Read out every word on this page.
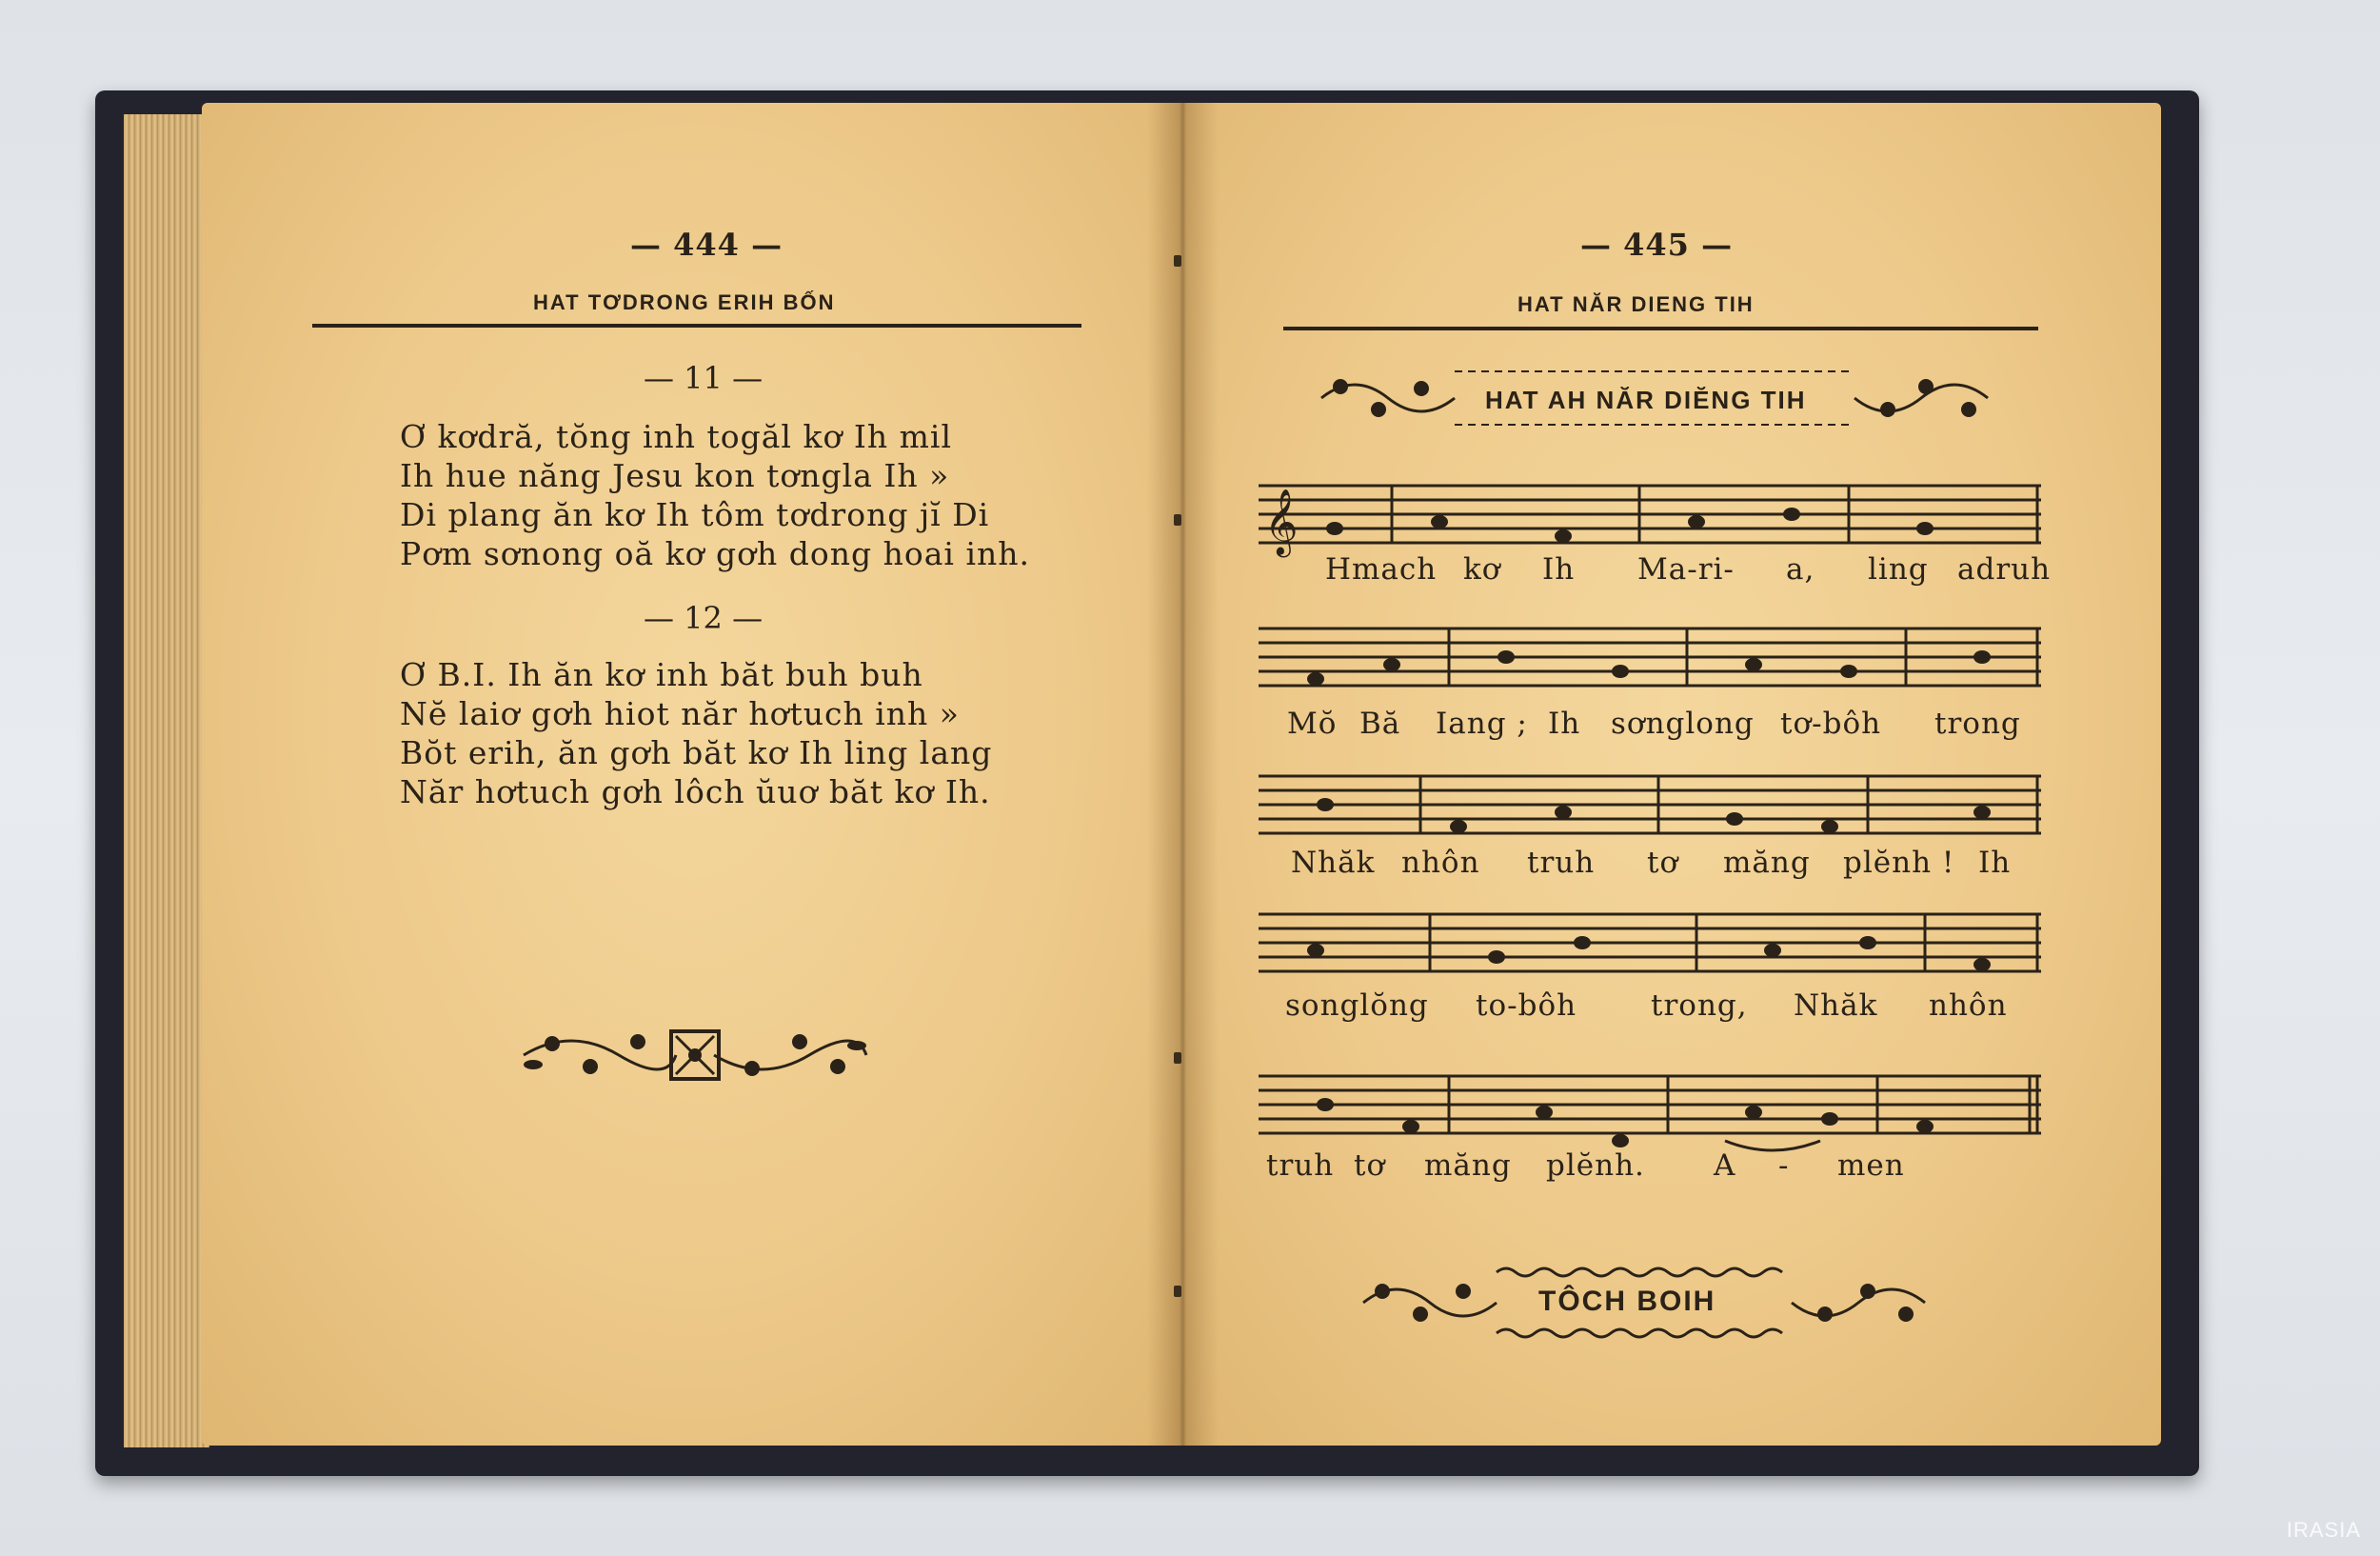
— 444 —
HAT TƠDRONG ERIH BỐN
— 11 —
Ơ kơdră, tŏng inh togăl kơ Ih mil
Ih hue năng Jesu kon tơngla Ih »
Di plang ăn kơ Ih tôm tơdrong jĭ Di
Pơm sơnong oă kơ gơh dong hoai inh.
— 12 —
Ơ B.I. Ih ăn kơ inh băt buh buh
Nĕ laiơ gơh hiot năr hơtuch inh »
Bŏt erih, ăn gơh băt kơ Ih ling lang
Năr hơtuch gơh lôch ŭuơ băt kơ Ih.
— 445 —
HAT NĂR DIENG TIH
HAT AH NĂR DIĔNG TIH
𝄞
Hmach kơ Ih Ma-ri- a, ling adruh
Mŏ Bă Iang ; Ih sơnglong tơ-bôh trong
Nhăk nhôn truh tơ măng plĕnh ! Ih
songlŏng to-bôh	trong, Nhăk nhôn
truh tơ măng plĕnh. A - men
TÔCH BOIH
IRASIA
